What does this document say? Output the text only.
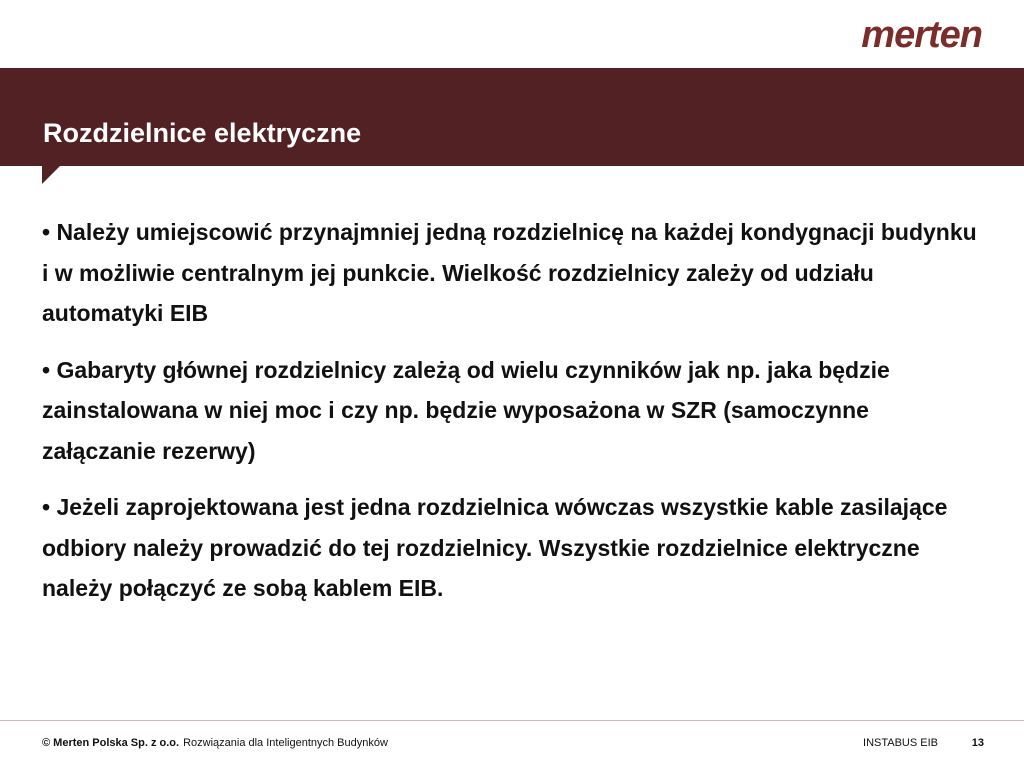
merten
Rozdzielnice elektryczne

• Należy umiejscowić przynajmniej jedną rozdzielnicę na każdej kondygnacji budynku i w możliwie centralnym jej punkcie. Wielkość rozdzielnicy zależy od udziału automatyki EIB

• Gabaryty głównej rozdzielnicy zależą od wielu czynników jak np. jaka będzie zainstalowana w niej moc i czy np. będzie wyposażona w SZR (samoczynne załączanie rezerwy)

• Jeżeli zaprojektowana jest jedna rozdzielnica wówczas wszystkie kable zasilające odbiory należy prowadzić do tej rozdzielnicy. Wszystkie rozdzielnice elektryczne należy połączyć ze sobą kablem EIB.

© Merten Polska Sp. z o.o. Rozwiązania dla Inteligentnych Budynków	INSTABUS EIB	13
